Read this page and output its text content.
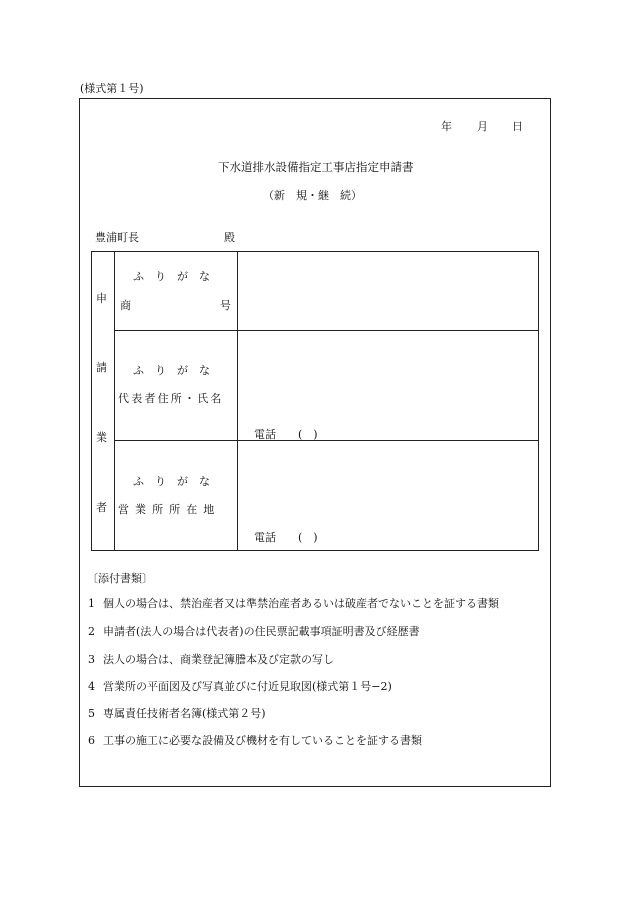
(様式第１号)
年 月 日
下水道排水設備指定工事店指定申請書
（新　規・継　続）
豊浦町長	殿
申
請
業
者
ふ　り　が　な
商	号
ふ　り　が　な
代表者住所・氏名
電話　　(　)
ふ　り　が　な
営業所所在地
電話　　(　)
〔添付書類〕
1 個人の場合は、禁治産者又は準禁治産者あるいは破産者でないことを証する書類
2 申請者(法人の場合は代表者)の住民票記載事項証明書及び経歴書
3 法人の場合は、商業登記簿謄本及び定款の写し
4 営業所の平面図及び写真並びに付近見取図(様式第１号−2)
5 専属責任技術者名簿(様式第２号)
6 工事の施工に必要な設備及び機材を有していることを証する書類
